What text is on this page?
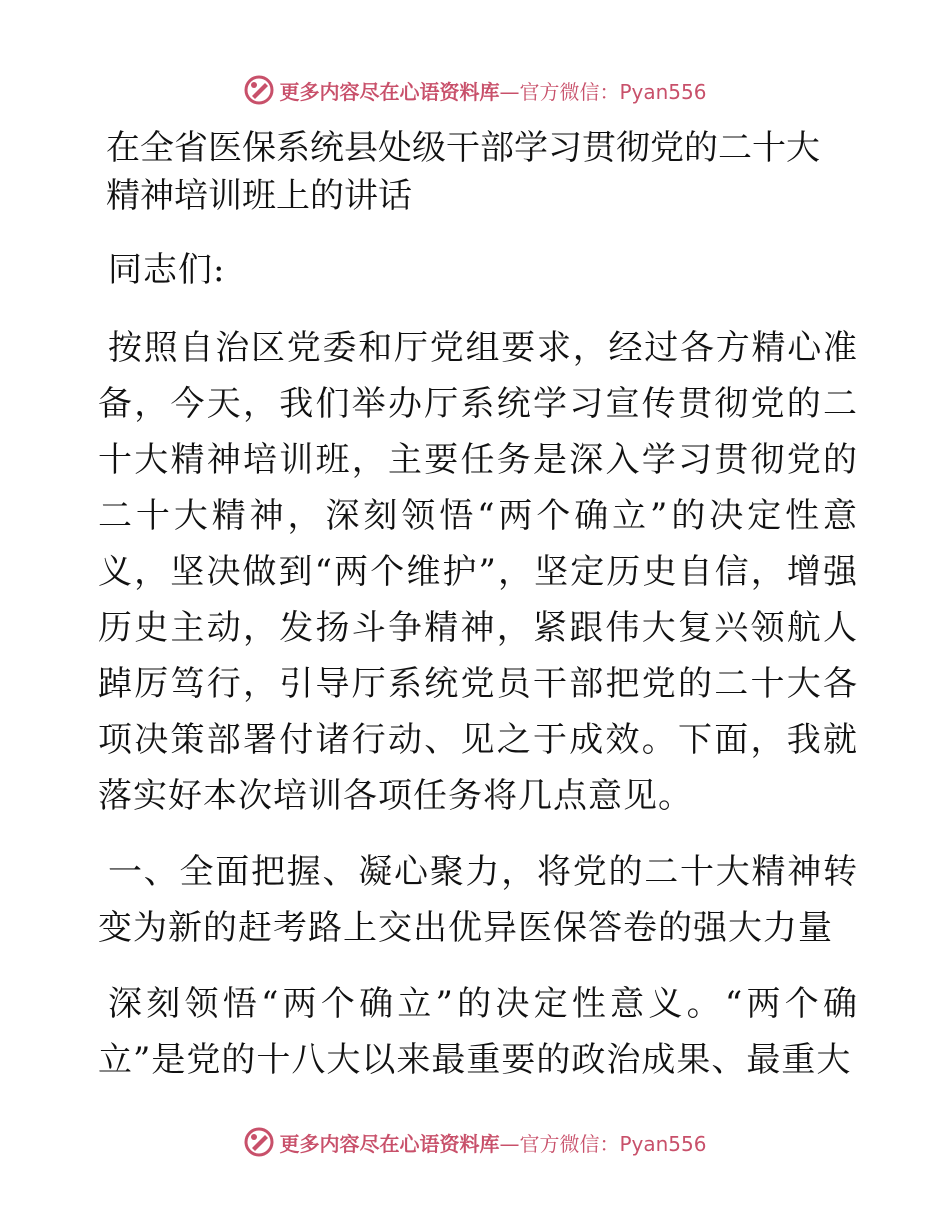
更多内容尽在心语资料库 —官方微信：Pyan556
在全省医保系统县处级干部学习贯彻党的二十大
精神培训班上的讲话

同志们:

按照自治区党委和厅党组要求，经过各方精心准备，今天，我们举办厅系统学习宣传贯彻党的二十大精神培训班，主要任务是深入学习贯彻党的二十大精神，深刻领悟“两个确立”的决定性意义，坚决做到“两个维护”，坚定历史自信，增强历史主动，发扬斗争精神，紧跟伟大复兴领航人踔厉笃行，引导厅系统党员干部把党的二十大各项决策部署付诸行动、见之于成效。下面，我就落实好本次培训各项任务将几点意见。

一、全面把握、凝心聚力，将党的二十大精神转变为新的赶考路上交出优异医保答卷的强大力量

深刻领悟“两个确立”的决定性意义。“两个确立”是党的十八大以来最重要的政治成果、最重大

更多内容尽在心语资料库 —官方微信：Pyan556
